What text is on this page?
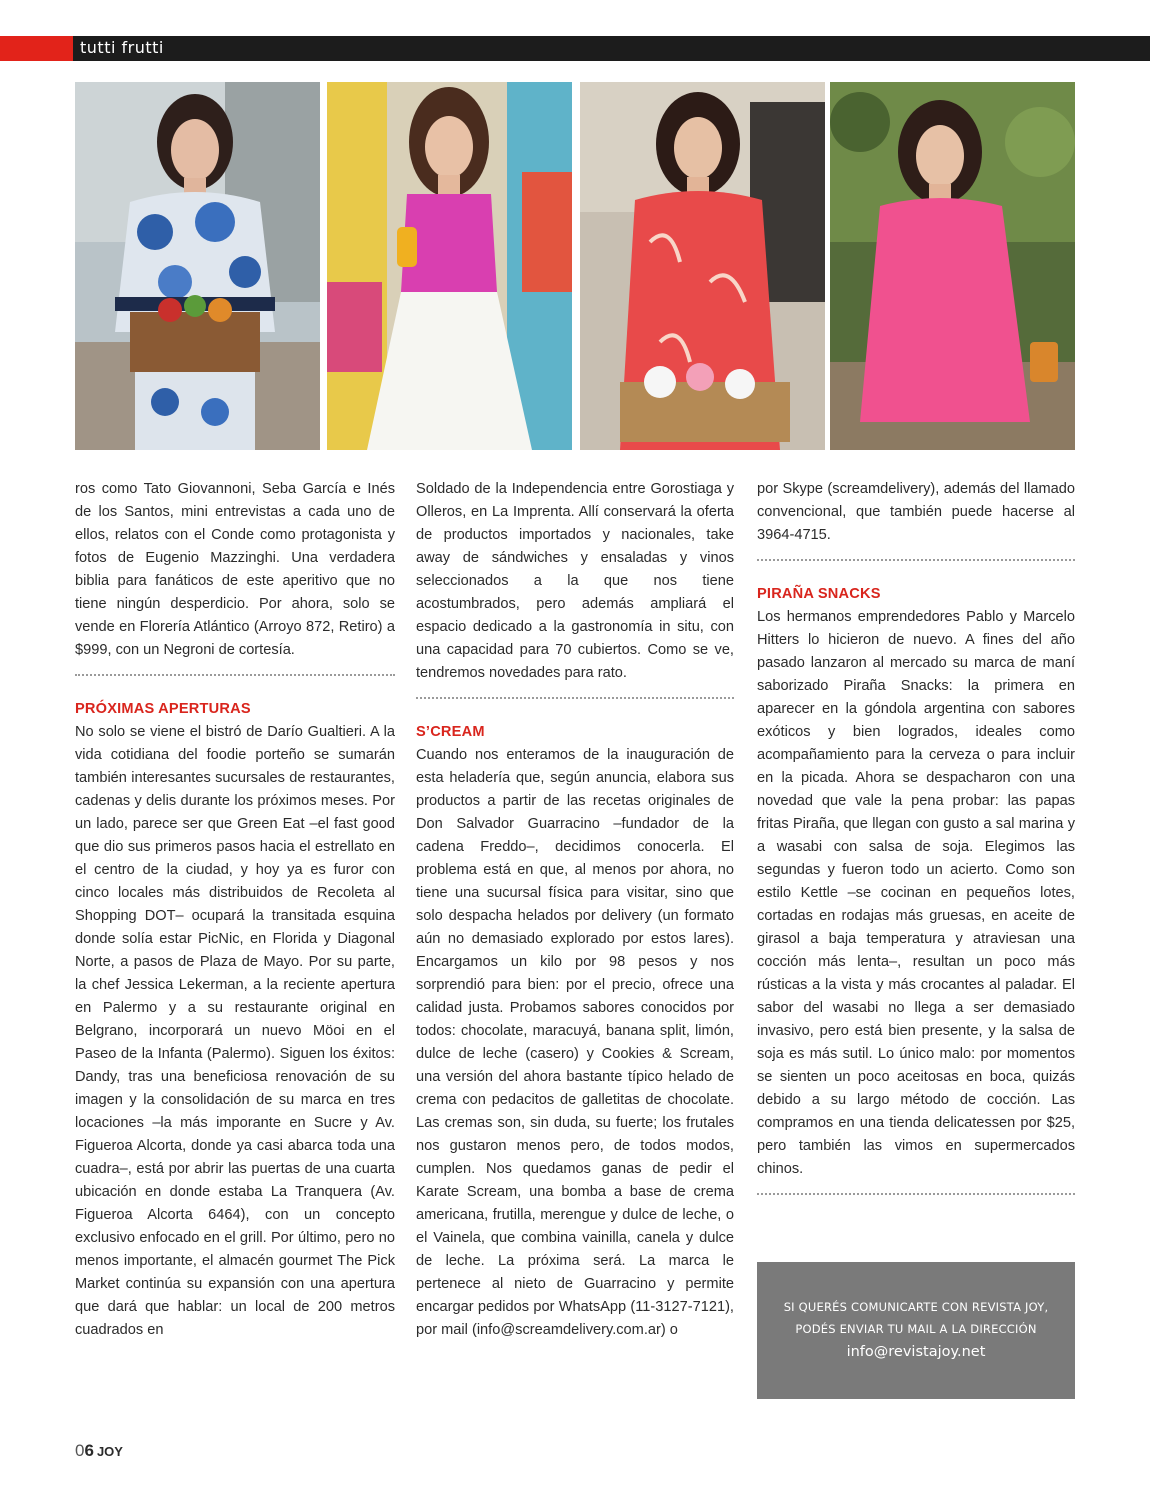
tutti frutti

ros como Tato Giovannoni, Seba García e Inés de los Santos, mini entrevistas a cada uno de ellos, relatos con el Conde como protagonista y fotos de Eugenio Mazzinghi. Una verdadera biblia para fanáticos de este aperitivo que no tiene ningún desperdicio. Por ahora, solo se vende en Florería Atlántico (Arroyo 872, Retiro) a $999, con un Negroni de cortesía.

PRÓXIMAS APERTURAS

No solo se viene el bistró de Darío Gualtieri. A la vida cotidiana del foodie porteño se sumarán también interesantes sucursales de restaurantes, cadenas y delis durante los próximos meses. Por un lado, parece ser que Green Eat –el fast good que dio sus primeros pasos hacia el estrellato en el centro de la ciudad, y hoy ya es furor con cinco locales más distribuidos de Recoleta al Shopping DOT– ocupará la transitada esquina donde solía estar PicNic, en Florida y Diagonal Norte, a pasos de Plaza de Mayo. Por su parte, la chef Jessica Lekerman, a la reciente apertura en Palermo y a su restaurante original en Belgrano, incorporará un nuevo Möoi en el Paseo de la Infanta (Palermo). Siguen los éxitos: Dandy, tras una beneficiosa renovación de su imagen y la consolidación de su marca en tres locaciones –la más imporante en Sucre y Av. Figueroa Alcorta, donde ya casi abarca toda una cuadra–, está por abrir las puertas de una cuarta ubicación en donde estaba La Tranquera (Av. Figueroa Alcorta 6464), con un concepto exclusivo enfocado en el grill. Por último, pero no menos importante, el almacén gourmet The Pick Market continúa su expansión con una apertura que dará que hablar: un local de 200 metros cuadrados en

Soldado de la Independencia entre Gorostiaga y Olleros, en La Imprenta. Allí conservará la oferta de productos importados y nacionales, take away de sándwiches y ensaladas y vinos seleccionados a la que nos tiene acostumbrados, pero además ampliará el espacio dedicado a la gastronomía in situ, con una capacidad para 70 cubiertos. Como se ve, tendremos novedades para rato.

S’CREAM

Cuando nos enteramos de la inauguración de esta heladería que, según anuncia, elabora sus productos a partir de las recetas originales de Don Salvador Guarracino –fundador de la cadena Freddo–, decidimos conocerla. El problema está en que, al menos por ahora, no tiene una sucursal física para visitar, sino que solo despacha helados por delivery (un formato aún no demasiado explorado por estos lares). Encargamos un kilo por 98 pesos y nos sorprendió para bien: por el precio, ofrece una calidad justa. Probamos sabores conocidos por todos: chocolate, maracuyá, banana split, limón, dulce de leche (casero) y Cookies & Scream, una versión del ahora bastante típico helado de crema con pedacitos de galletitas de chocolate. Las cremas son, sin duda, su fuerte; los frutales nos gustaron menos pero, de todos modos, cumplen. Nos quedamos ganas de pedir el Karate Scream, una bomba a base de crema americana, frutilla, merengue y dulce de leche, o el Vainela, que combina vainilla, canela y dulce de leche. La próxima será. La marca le pertenece al nieto de Guarracino y permite encargar pedidos por WhatsApp (11-3127-7121), por mail (info@screamdelivery.com.ar) o

por Skype (screamdelivery), además del llamado convencional, que también puede hacerse al 3964-4715.

PIRAÑA SNACKS

Los hermanos emprendedores Pablo y Marcelo Hitters lo hicieron de nuevo. A fines del año pasado lanzaron al mercado su marca de maní saborizado Piraña Snacks: la primera en aparecer en la góndola argentina con sabores exóticos y bien logrados, ideales como acompañamiento para la cerveza o para incluir en la picada. Ahora se despacharon con una novedad que vale la pena probar: las papas fritas Piraña, que llegan con gusto a sal marina y a wasabi con salsa de soja. Elegimos las segundas y fueron todo un acierto. Como son estilo Kettle –se cocinan en pequeños lotes, cortadas en rodajas más gruesas, en aceite de girasol a baja temperatura y atraviesan una cocción más lenta–, resultan un poco más rústicas a la vista y más crocantes al paladar. El sabor del wasabi no llega a ser demasiado invasivo, pero está bien presente, y la salsa de soja es más sutil. Lo único malo: por momentos se sienten un poco aceitosas en boca, quizás debido a su largo método de cocción. Las compramos en una tienda delicatessen por $25, pero también las vimos en supermercados chinos.

SI QUERÉS COMUNICARTE CON REVISTA JOY,
PODÉS ENVIAR TU MAIL A LA DIRECCIÓN
info@revistajoy.net
06 JOY
